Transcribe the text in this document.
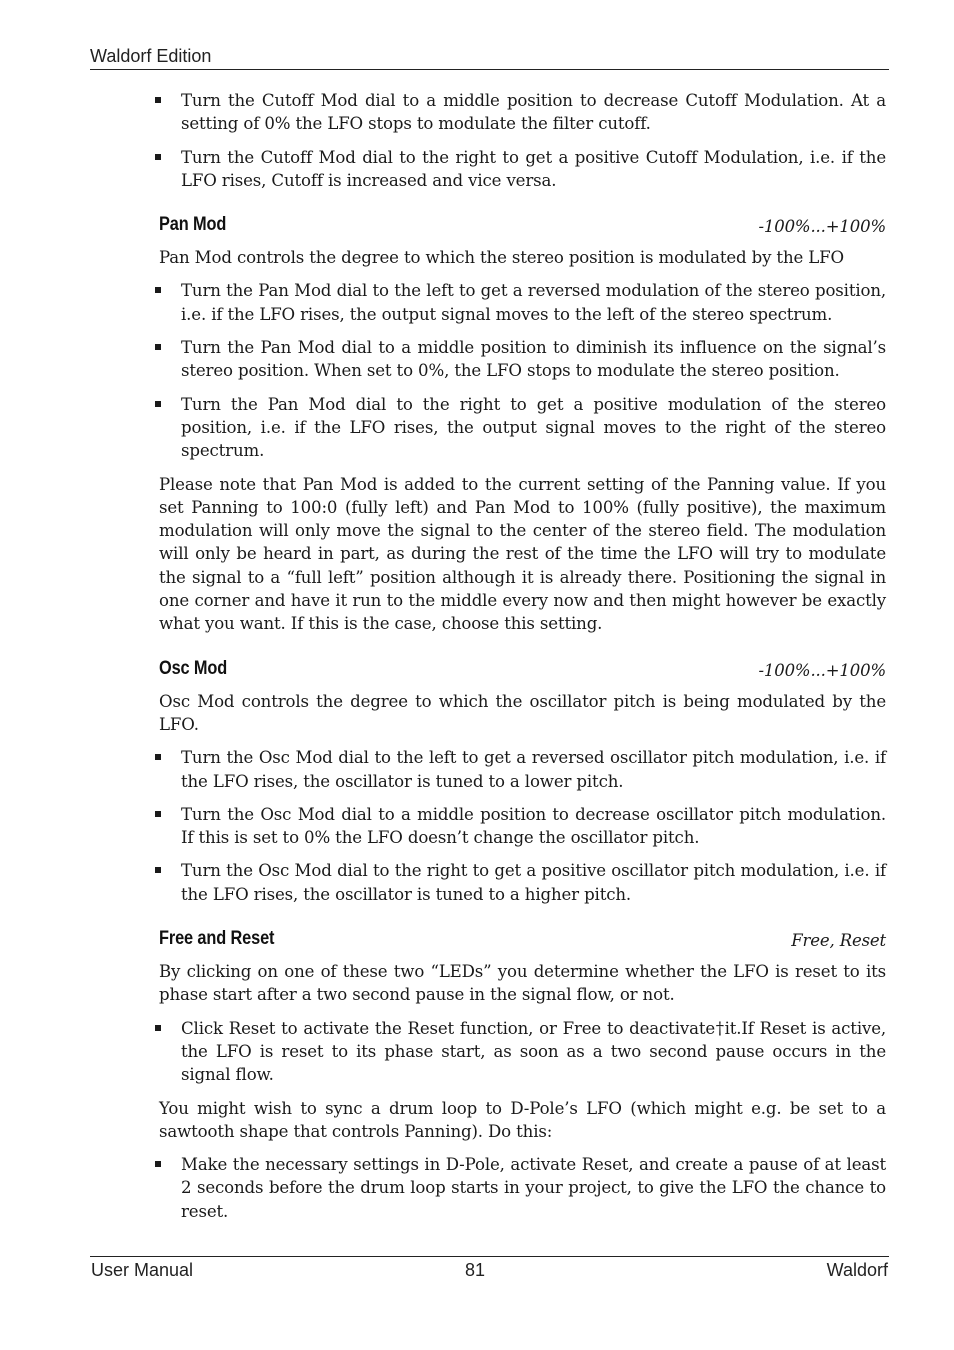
Waldorf Edition
Turn the Cutoff Mod dial to a middle position to decrease Cutoff Modulation. At a setting of 0% the LFO stops to modulate the filter cutoff.
Turn the Cutoff Mod dial to the right to get a positive Cutoff Modulation, i.e. if the LFO rises, Cutoff is increased and vice versa.
Pan Mod	-100%...+100%

Pan Mod controls the degree to which the stereo position is modulated by the LFO

Turn the Pan Mod dial to the left to get a reversed modulation of the stereo position, i.e. if the LFO rises, the output signal moves to the left of the stereo spectrum.
Turn the Pan Mod dial to a middle position to diminish its influence on the signal’s stereo position. When set to 0%, the LFO stops to modulate the stereo position.
Turn the Pan Mod dial to the right to get a positive modulation of the stereo position, i.e. if the LFO rises, the output signal moves to the right of the stereo spectrum.

Please note that Pan Mod is added to the current setting of the Panning value. If you set Panning to 100:0 (fully left) and Pan Mod to 100% (fully positive), the maximum modulation will only move the signal to the center of the stereo field. The modulation will only be heard in part, as during the rest of the time the LFO will try to modulate the signal to a “full left” position although it is already there. Positioning the signal in one corner and have it run to the middle every now and then might however be exactly what you want. If this is the case, choose this setting.

Osc Mod	-100%...+100%

Osc Mod controls the degree to which the oscillator pitch is being modulated by the LFO.

Turn the Osc Mod dial to the left to get a reversed oscillator pitch modulation, i.e. if the LFO rises, the oscillator is tuned to a lower pitch.
Turn the Osc Mod dial to a middle position to decrease oscillator pitch modulation. If this is set to 0% the LFO doesn’t change the oscillator pitch.
Turn the Osc Mod dial to the right to get a positive oscillator pitch modulation, i.e. if the LFO rises, the oscillator is tuned to a higher pitch.
Free and Reset	Free, Reset

By clicking on one of these two “LEDs” you determine whether the LFO is reset to its phase start after a two second pause in the signal flow, or not.

Click Reset to activate the Reset function, or Free to deactivate†it.If Reset is active, the LFO is reset to its phase start, as soon as a two second pause occurs in the signal flow.

You might wish to sync a drum loop to D-Pole’s LFO (which might e.g. be set to a sawtooth shape that controls Panning). Do this:

Make the necessary settings in D-Pole, activate Reset, and create a pause of at least 2 seconds before the drum loop starts in your project, to give the LFO the chance to reset.
User Manual	81	Waldorf
